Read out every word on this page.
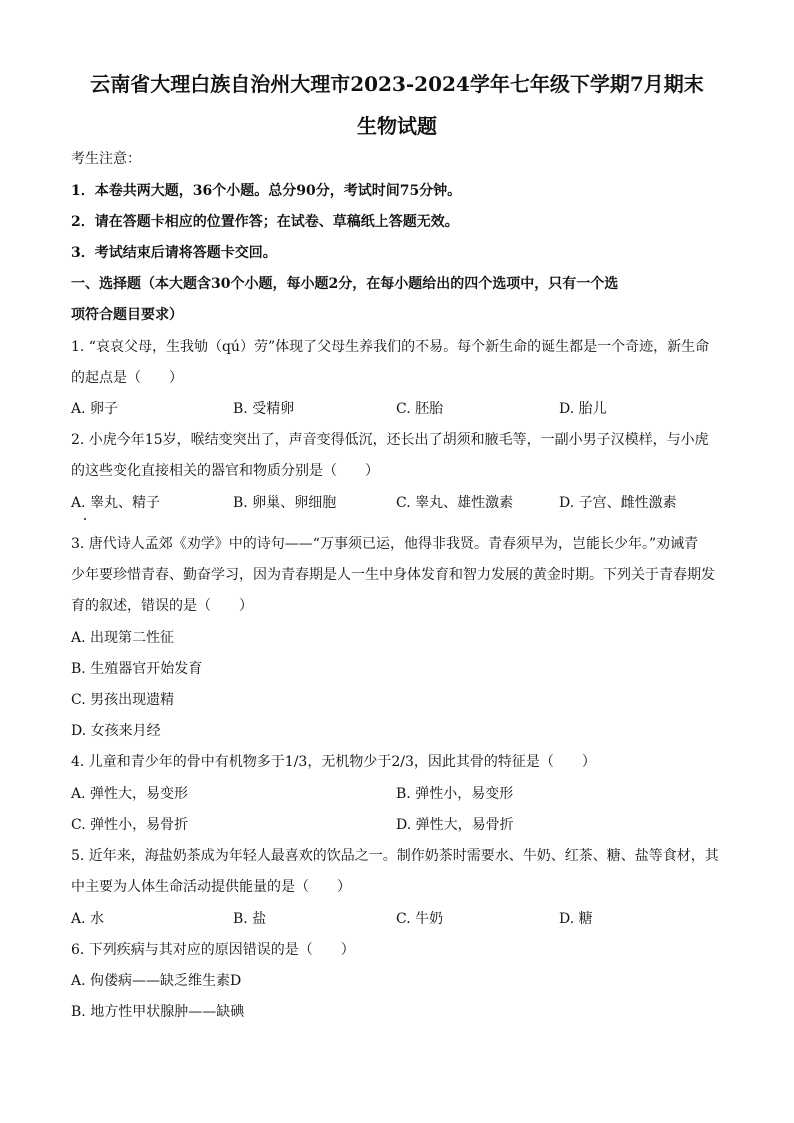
云南省大理白族自治州大理市2023-2024学年七年级下学期7月期末
生物试题
考生注意：
1．本卷共两大题，36个小题。总分90分，考试时间75分钟。
2．请在答题卡相应的位置作答；在试卷、草稿纸上答题无效。
3．考试结束后请将答题卡交回。
一、选择题（本大题含30个小题，每小题2分，在每小题给出的四个选项中，只有一个选
项符合题目要求）
1. “哀哀父母，生我劬（qú）劳”体现了父母生养我们的不易。每个新生命的诞生都是一个奇迹，新生命
的起点是（　　）
A. 卵子	B. 受精卵	C. 胚胎	D. 胎儿
2. 小虎今年15岁，喉结变突出了，声音变得低沉，还长出了胡须和腋毛等，一副小男子汉模样，与小虎
的这些变化直接相关的器官和物质分别是（　　）
A. 睾丸、精子	B. 卵巢、卵细胞	C. 睾丸、雄性激素	D. 子宫、雌性激素
3. 唐代诗人孟郊《劝学》中的诗句——“万事须已运，他得非我贤。青春须早为，岂能长少年。”劝诫青
少年要珍惜青春、勤奋学习，因为青春期是人一生中身体发育和智力发展的黄金时期。下列关于青春期发
育的叙述，错误的是（　　）
A. 出现第二性征
B. 生殖器官开始发育
C. 男孩出现遗精
D. 女孩来月经
4. 儿童和青少年的骨中有机物多于1/3，无机物少于2/3，因此其骨的特征是（　　）
A. 弹性大，易变形	B. 弹性小，易变形
C. 弹性小，易骨折	D. 弹性大，易骨折
5. 近年来，海盐奶茶成为年轻人最喜欢的饮品之一。制作奶茶时需要水、牛奶、红茶、糖、盐等食材，其
中主要为人体生命活动提供能量的是（　　）
A. 水	B. 盐	C. 牛奶	D. 糖
6. 下列疾病与其对应的原因错误的是（　　）
A. 佝偻病——缺乏维生素D
B. 地方性甲状腺肿——缺碘
